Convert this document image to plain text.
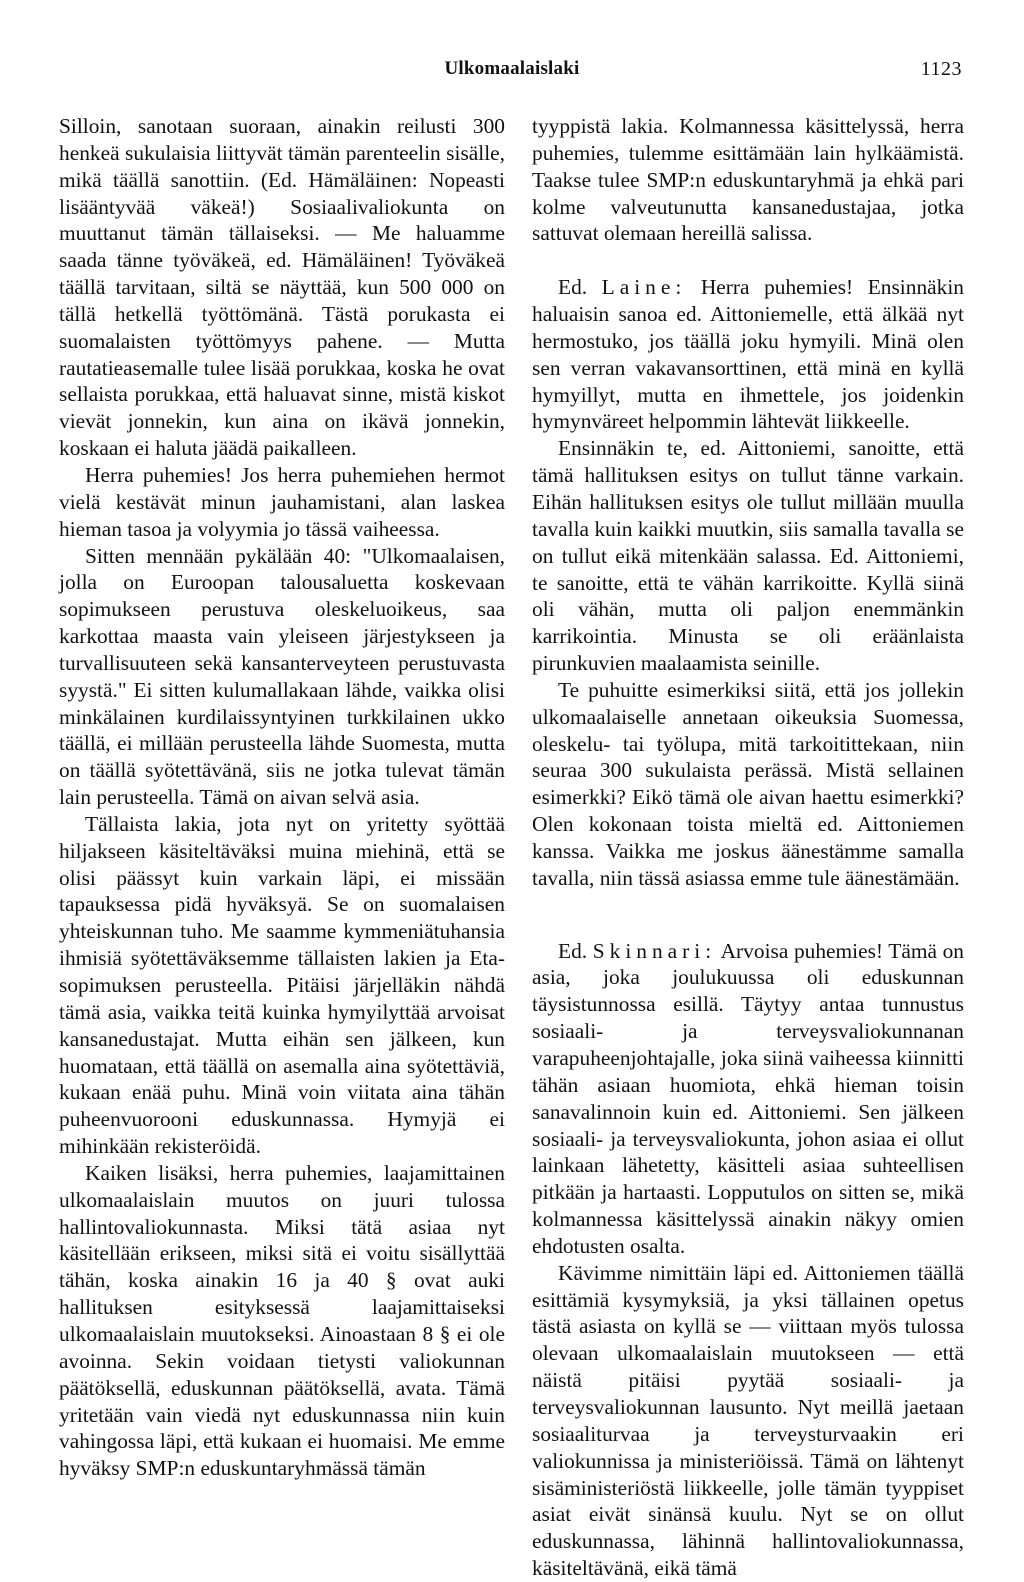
Ulkomaalaislaki	1123

Silloin, sanotaan suoraan, ainakin reilusti 300 henkeä sukulaisia liittyvät tämän parenteelin sisälle, mikä täällä sanottiin. (Ed. Hämäläinen: Nopeasti lisääntyvää väkeä!) Sosiaalivaliokunta on muuttanut tämän tällaiseksi. — Me haluamme saada tänne työväkeä, ed. Hämäläinen! Työväkeä täällä tarvitaan, siltä se näyttää, kun 500 000 on tällä hetkellä työttömänä. Tästä porukasta ei suomalaisten työttömyys pahene. — Mutta rautatieasemalle tulee lisää porukkaa, koska he ovat sellaista porukkaa, että haluavat sinne, mistä kiskot vievät jonnekin, kun aina on ikävä jonnekin, koskaan ei haluta jäädä paikalleen.

Herra puhemies! Jos herra puhemiehen hermot vielä kestävät minun jauhamistani, alan laskea hieman tasoa ja volyymia jo tässä vaiheessa.

Sitten mennään pykälään 40: "Ulkomaalaisen, jolla on Euroopan talousaluetta koskevaan sopimukseen perustuva oleskeluoikeus, saa karkottaa maasta vain yleiseen järjestykseen ja turvallisuuteen sekä kansanterveyteen perustuvasta syystä." Ei sitten kulumallakaan lähde, vaikka olisi minkälainen kurdilaissyntyinen turkkilainen ukko täällä, ei millään perusteella lähde Suomesta, mutta on täällä syötettävänä, siis ne jotka tulevat tämän lain perusteella. Tämä on aivan selvä asia.

Tällaista lakia, jota nyt on yritetty syöttää hiljakseen käsiteltäväksi muina miehinä, että se olisi päässyt kuin varkain läpi, ei missään tapauksessa pidä hyväksyä. Se on suomalaisen yhteiskunnan tuho. Me saamme kymmeniätuhansia ihmisiä syötettäväksemme tällaisten lakien ja Eta-sopimuksen perusteella. Pitäisi järjelläkin nähdä tämä asia, vaikka teitä kuinka hymyilyttää arvoisat kansanedustajat. Mutta eihän sen jälkeen, kun huomataan, että täällä on asemalla aina syötettäviä, kukaan enää puhu. Minä voin viitata aina tähän puheenvuorooni eduskunnassa. Hymyjä ei mihinkään rekisteröidä.

Kaiken lisäksi, herra puhemies, laajamittainen ulkomaalaislain muutos on juuri tulossa hallintovaliokunnasta. Miksi tätä asiaa nyt käsitellään erikseen, miksi sitä ei voitu sisällyttää tähän, koska ainakin 16 ja 40 § ovat auki hallituksen esityksessä laajamittaiseksi ulkomaalaislain muutokseksi. Ainoastaan 8 § ei ole avoinna. Sekin voidaan tietysti valiokunnan päätöksellä, eduskunnan päätöksellä, avata. Tämä yritetään vain viedä nyt eduskunnassa niin kuin vahingossa läpi, että kukaan ei huomaisi. Me emme hyväksy SMP:n eduskuntaryhmässä tämän

tyyppistä lakia. Kolmannessa käsittelyssä, herra puhemies, tulemme esittämään lain hylkäämistä. Taakse tulee SMP:n eduskuntaryhmä ja ehkä pari kolme valveutunutta kansanedustajaa, jotka sattuvat olemaan hereillä salissa.

Ed. Laine: Herra puhemies! Ensinnäkin haluaisin sanoa ed. Aittoniemelle, että älkää nyt hermostuko, jos täällä joku hymyili. Minä olen sen verran vakavansorttinen, että minä en kyllä hymyillyt, mutta en ihmettele, jos joidenkin hymynväreet helpommin lähtevät liikkeelle.

Ensinnäkin te, ed. Aittoniemi, sanoitte, että tämä hallituksen esitys on tullut tänne varkain. Eihän hallituksen esitys ole tullut millään muulla tavalla kuin kaikki muutkin, siis samalla tavalla se on tullut eikä mitenkään salassa. Ed. Aittoniemi, te sanoitte, että te vähän karrikoitte. Kyllä siinä oli vähän, mutta oli paljon enemmänkin karrikointia. Minusta se oli eräänlaista pirunkuvien maalaamista seinille.

Te puhuitte esimerkiksi siitä, että jos jollekin ulkomaalaiselle annetaan oikeuksia Suomessa, oleskelu- tai työlupa, mitä tarkoitittekaan, niin seuraa 300 sukulaista perässä. Mistä sellainen esimerkki? Eikö tämä ole aivan haettu esimerkki? Olen kokonaan toista mieltä ed. Aittoniemen kanssa. Vaikka me joskus äänestämme samalla tavalla, niin tässä asiassa emme tule äänestämään.

Ed. Skinnari: Arvoisa puhemies! Tämä on asia, joka joulukuussa oli eduskunnan täysistunnossa esillä. Täytyy antaa tunnustus sosiaali- ja terveysvaliokunnanan varapuheenjohtajalle, joka siinä vaiheessa kiinnitti tähän asiaan huomiota, ehkä hieman toisin sanavalinnoin kuin ed. Aittoniemi. Sen jälkeen sosiaali- ja terveysvaliokunta, johon asiaa ei ollut lainkaan lähetetty, käsitteli asiaa suhteellisen pitkään ja hartaasti. Lopputulos on sitten se, mikä kolmannessa käsittelyssä ainakin näkyy omien ehdotusten osalta.

Kävimme nimittäin läpi ed. Aittoniemen täällä esittämiä kysymyksiä, ja yksi tällainen opetus tästä asiasta on kyllä se — viittaan myös tulossa olevaan ulkomaalaislain muutokseen — että näistä pitäisi pyytää sosiaali- ja terveysvaliokunnan lausunto. Nyt meillä jaetaan sosiaaliturvaa ja terveysturvaakin eri valiokunnissa ja ministeriöissä. Tämä on lähtenyt sisäministeriöstä liikkeelle, jolle tämän tyyppiset asiat eivät sinänsä kuulu. Nyt se on ollut eduskunnassa, lähinnä hallintovaliokunnassa, käsiteltävänä, eikä tämä
